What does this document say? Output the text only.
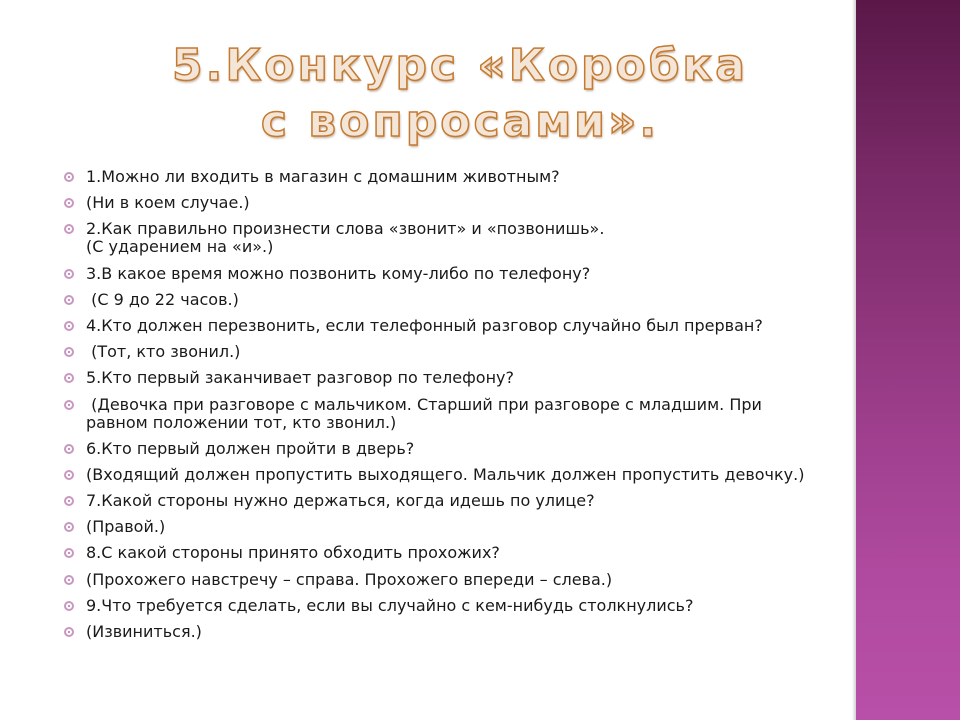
5.Конкурс «Коробка с вопросами».
1.Можно ли входить в магазин с домашним животным?
(Ни в коем случае.)
2.Как правильно произнести слова «звонит» и «позвонишь».
(С ударением на «и».)
3.В какое время можно позвонить кому-либо по телефону?
(С 9 до 22 часов.)
4.Кто должен перезвонить, если телефонный разговор случайно был прерван?
(Тот, кто звонил.)
5.Кто первый заканчивает разговор по телефону?
(Девочка при разговоре с мальчиком. Старший при разговоре с младшим. При равном положении тот, кто звонил.)
6.Кто первый должен пройти в дверь?
(Входящий должен пропустить выходящего. Мальчик должен пропустить девочку.)
7.Какой стороны нужно держаться, когда идешь по улице?
(Правой.)
8.С какой стороны принято обходить прохожих?
(Прохожего навстречу – справа. Прохожего впереди – слева.)
9.Что требуется сделать, если вы случайно с кем-нибудь столкнулись?
(Извиниться.)
